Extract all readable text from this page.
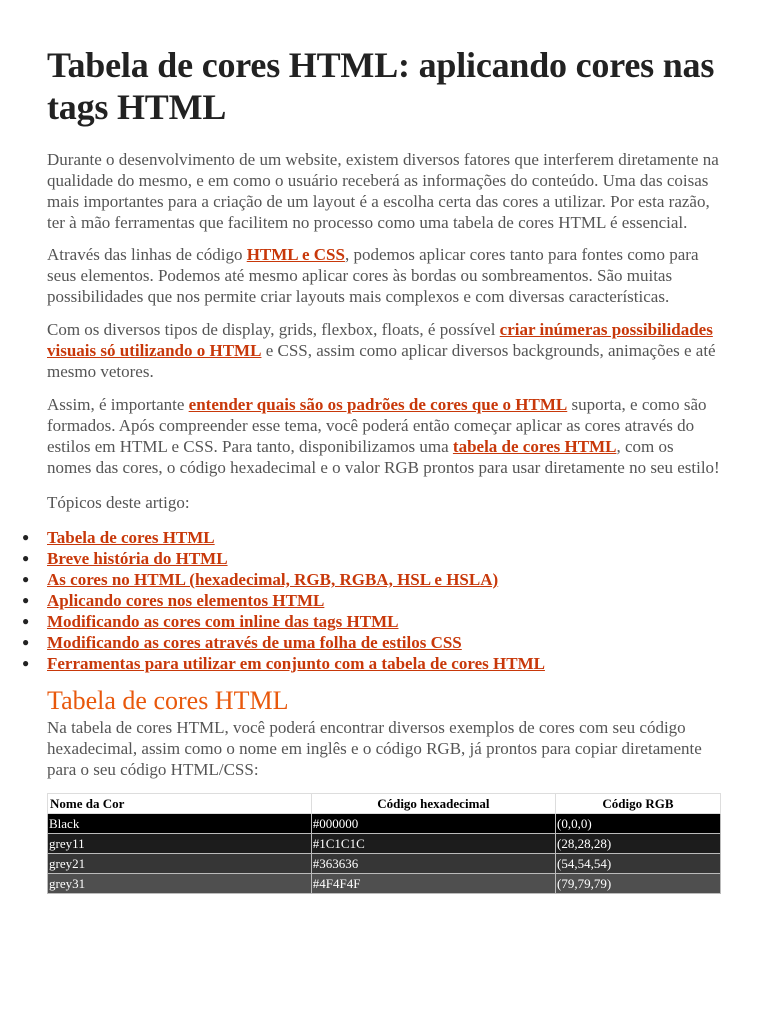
Tabela de cores HTML: aplicando cores nas tags HTML

Durante o desenvolvimento de um website, existem diversos fatores que interferem diretamente na qualidade do mesmo, e em como o usuário receberá as informações do conteúdo. Uma das coisas mais importantes para a criação de um layout é a escolha certa das cores a utilizar. Por esta razão, ter à mão ferramentas que facilitem no processo como uma tabela de cores HTML é essencial.

Através das linhas de código HTML e CSS, podemos aplicar cores tanto para fontes como para seus elementos. Podemos até mesmo aplicar cores às bordas ou sombreamentos. São muitas possibilidades que nos permite criar layouts mais complexos e com diversas características.

Com os diversos tipos de display, grids, flexbox, floats, é possível criar inúmeras possibilidades visuais só utilizando o HTML e CSS, assim como aplicar diversos backgrounds, animações e até mesmo vetores.

Assim, é importante entender quais são os padrões de cores que o HTML suporta, e como são formados. Após compreender esse tema, você poderá então começar aplicar as cores através do estilos em HTML e CSS. Para tanto, disponibilizamos uma tabela de cores HTML, com os nomes das cores, o código hexadecimal e o valor RGB prontos para usar diretamente no seu estilo!

Tópicos deste artigo:

● Tabela de cores HTML
● Breve história do HTML
● As cores no HTML (hexadecimal, RGB, RGBA, HSL e HSLA)
● Aplicando cores nos elementos HTML
● Modificando as cores com inline das tags HTML
● Modificando as cores através de uma folha de estilos CSS
● Ferramentas para utilizar em conjunto com a tabela de cores HTML
Tabela de cores HTML

Na tabela de cores HTML, você poderá encontrar diversos exemplos de cores com seu código hexadecimal, assim como o nome em inglês e o código RGB, já prontos para copiar diretamente para o seu código HTML/CSS:

Nome da Cor	Código hexadecimal	Código RGB
Black	#000000	(0,0,0)
grey11	#1C1C1C	(28,28,28)
grey21	#363636	(54,54,54)
grey31	#4F4F4F	(79,79,79)
